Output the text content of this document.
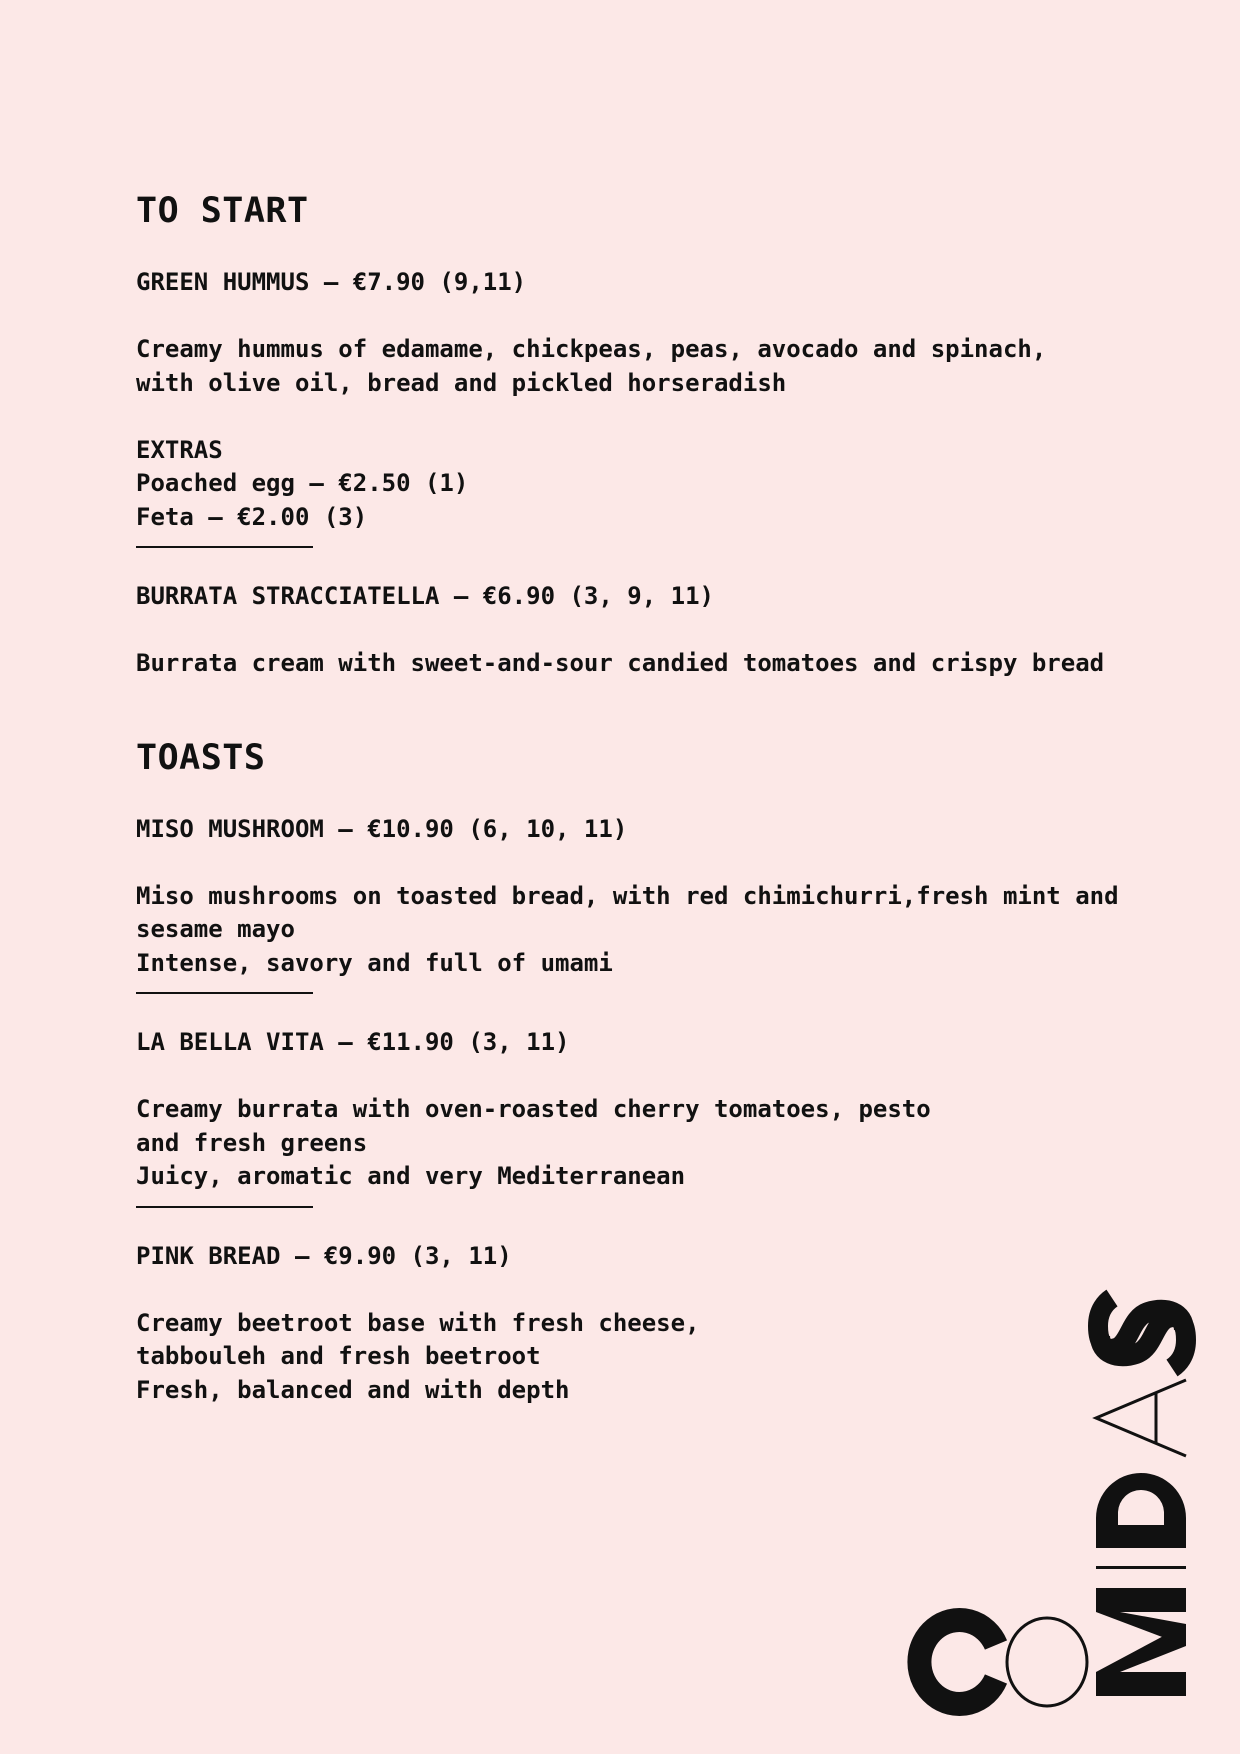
TO START

GREEN HUMMUS – €7.90 (9,11)

Creamy hummus of edamame, chickpeas, peas, avocado and spinach,

with olive oil, bread and pickled horseradish

EXTRAS

Poached egg – €2.50 (1)

Feta – €2.00 (3)

BURRATA STRACCIATELLA – €6.90 (3, 9, 11)

Burrata cream with sweet-and-sour candied tomatoes and crispy bread

TOASTS

MISO MUSHROOM – €10.90 (6, 10, 11)

Miso mushrooms on toasted bread, with red chimichurri,fresh mint and

sesame mayo

Intense, savory and full of umami

LA BELLA VITA – €11.90 (3, 11)

Creamy burrata with oven-roasted cherry tomatoes, pesto

and fresh greens

Juicy, aromatic and very Mediterranean

PINK BREAD – €9.90 (3, 11)

Creamy beetroot base with fresh cheese,

tabbouleh and fresh beetroot

Fresh, balanced and with depth
